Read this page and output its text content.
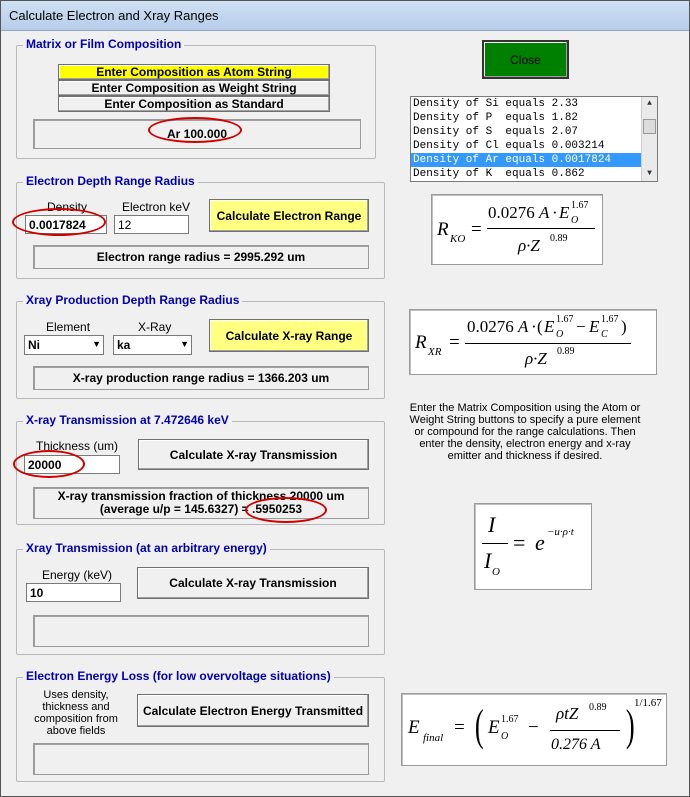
Calculate Electron and Xray Ranges
Matrix or Film Composition
Enter Composition as Atom String
Enter Composition as Weight String
Enter Composition as Standard
Ar 100.000
Close
Density of Si equals 2.33
Density of P  equals 1.82
Density of S  equals 2.07
Density of Cl equals 0.003214
Density of Ar equals 0.0017824
Density of K  equals 0.862
▲
▼
Electron Depth Range Radius
Density
0.0017824
Electron keV
12
Calculate Electron Range
Electron range radius = 2995.292 um
Xray Production Depth Range Radius
Element
Ni	▼
X-Ray
ka	▼
Calculate X-ray Range
X-ray production range radius = 1366.203 um
X-ray Transmission at 7.472646 keV
Thickness (um)
20000
Calculate X-ray Transmission
X-ray transmission fraction of thickness 20000 um
(average u/p = 145.6327) = .5950253
Xray Transmission (at an arbitrary energy)
Energy (keV)
10
Calculate X-ray Transmission
Electron Energy Loss (for low overvoltage situations)
Uses density,
thickness and
composition from
above fields
Calculate Electron Energy Transmitted
Enter the Matrix Composition using the Atom or
Weight String buttons to specify a pure element
or compound for the range calculations. Then
enter the density, electron energy and x-ray
emitter and thickness if desired.
R KO =
0.0276 A · E O
1.67
ρ·Z 0.89
R XR =
0.0276 A · ( E O
1.67 − E C
1.67 )
ρ·Z 0.89
I
I O
= e −u·ρ·t
E final = ( E O
1.67 −
ρtZ 0.89
0.276 A ) 1/1.67
